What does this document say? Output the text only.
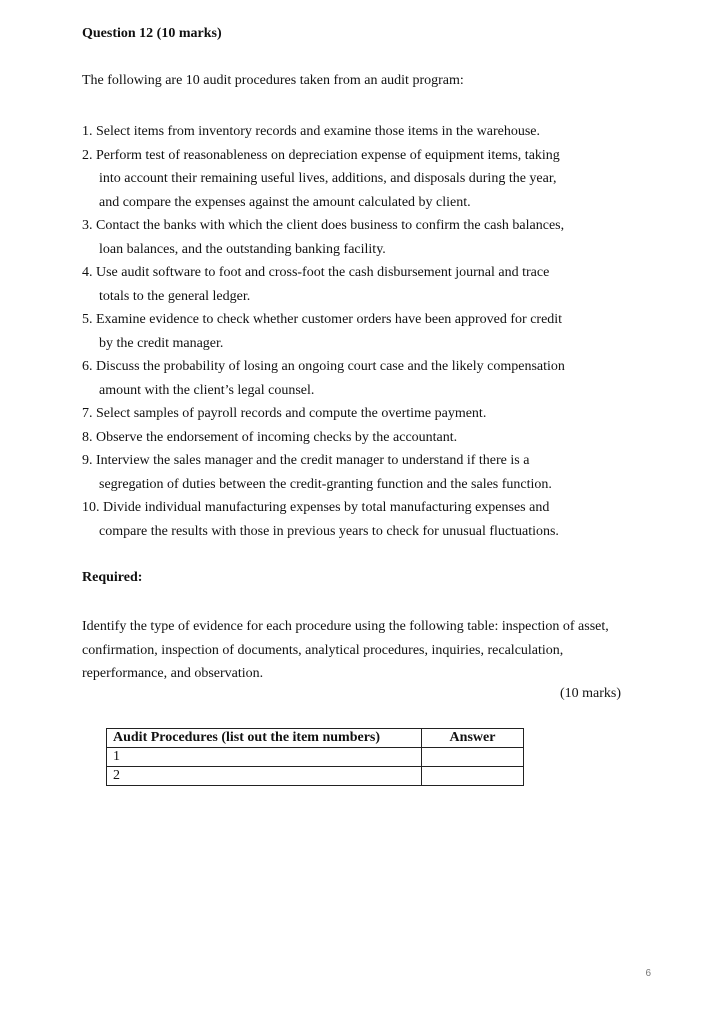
Question 12 (10 marks)
The following are 10 audit procedures taken from an audit program:
1. Select items from inventory records and examine those items in the warehouse.
2. Perform test of reasonableness on depreciation expense of equipment items, taking
into account their remaining useful lives, additions, and disposals during the year,
and compare the expenses against the amount calculated by client.
3. Contact the banks with which the client does business to confirm the cash balances,
loan balances, and the outstanding banking facility.
4. Use audit software to foot and cross-foot the cash disbursement journal and trace
totals to the general ledger.
5. Examine evidence to check whether customer orders have been approved for credit
by the credit manager.
6. Discuss the probability of losing an ongoing court case and the likely compensation
amount with the client’s legal counsel.
7. Select samples of payroll records and compute the overtime payment.
8. Observe the endorsement of incoming checks by the accountant.
9. Interview the sales manager and the credit manager to understand if there is a
segregation of duties between the credit-granting function and the sales function.
10. Divide individual manufacturing expenses by total manufacturing expenses and
compare the results with those in previous years to check for unusual fluctuations.
Required:
Identify the type of evidence for each procedure using the following table: inspection of asset, confirmation, inspection of documents, analytical procedures, inquiries, recalculation, reperformance, and observation.
(10 marks)
Audit Procedures (list out the item numbers)	Answer
1	
2	
6
